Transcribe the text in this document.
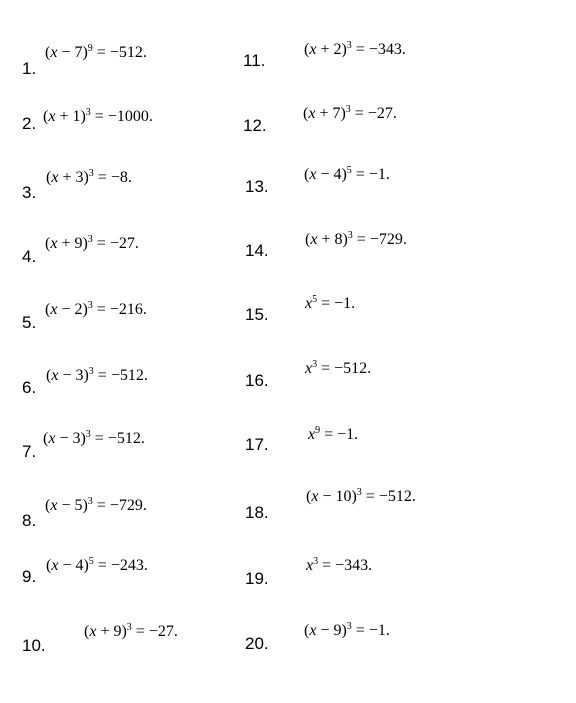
1.
$(x - 7)^9 = -512$.
2. $(x + 1)^3 = -1000$.
3.
$(x + 3)^3 = -8$.
4.
$(x + 9)^3 = -27$.
5.
$(x - 2)^3 = -216$.
6.
$(x - 3)^3 = -512$.
7.
$(x - 3)^3 = -512$.
8.
$(x - 5)^3 = -729$.
9.
$(x - 4)^5 = -243$.
10.
$(x + 9)^3 = -27$.
11.
$(x + 2)^3 = -343$.
12.
$(x + 7)^3 = -27$.
13.
$(x - 4)^5 = -1$.
14.
$(x + 8)^3 = -729$.
15.
$x^5 = -1$.
16.
$x^3 = -512$.
17.
$x^9 = -1$.
18.
$(x - 10)^3 = -512$.
19.
$x^3 = -343$.
20.
$(x - 9)^3 = -1$.
